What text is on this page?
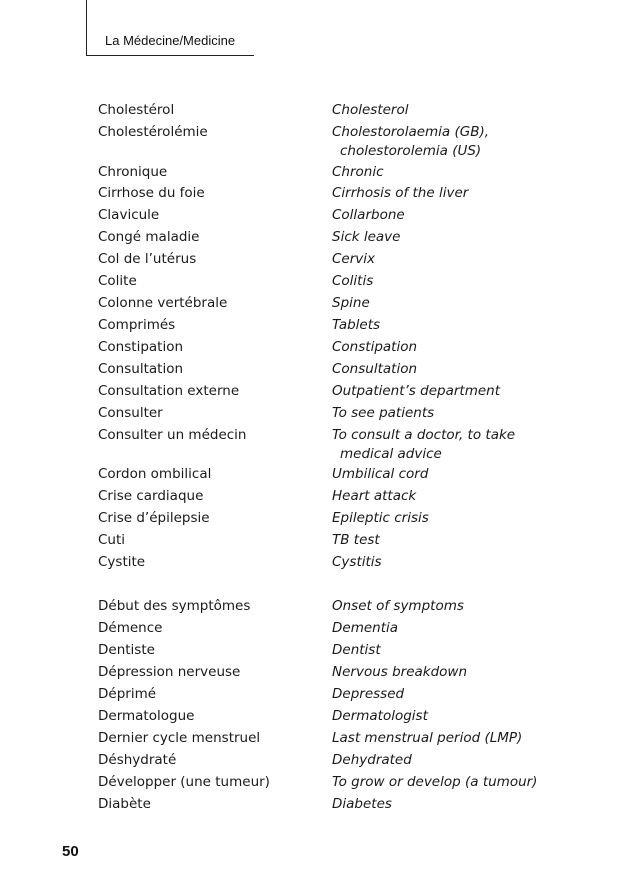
La Médecine/Medicine
Cholestérol	Cholesterol
Cholestérolémie	Cholestorolaemia (GB),
cholestorolemia (US)
Chronique	Chronic
Cirrhose du foie	Cirrhosis of the liver
Clavicule	Collarbone
Congé maladie	Sick leave
Col de l’utérus	Cervix
Colite	Colitis
Colonne vertébrale	Spine
Comprimés	Tablets
Constipation	Constipation
Consultation	Consultation
Consultation externe	Outpatient’s department
Consulter	To see patients
Consulter un médecin	To consult a doctor, to take
medical advice
Cordon ombilical	Umbilical cord
Crise cardiaque	Heart attack
Crise d’épilepsie	Epileptic crisis
Cuti	TB test
Cystite	Cystitis
Début des symptômes	Onset of symptoms
Démence	Dementia
Dentiste	Dentist
Dépression nerveuse	Nervous breakdown
Déprimé	Depressed
Dermatologue	Dermatologist
Dernier cycle menstruel	Last menstrual period (LMP)
Déshydraté	Dehydrated
Développer (une tumeur)	To grow or develop (a tumour)
Diabète	Diabetes
50
